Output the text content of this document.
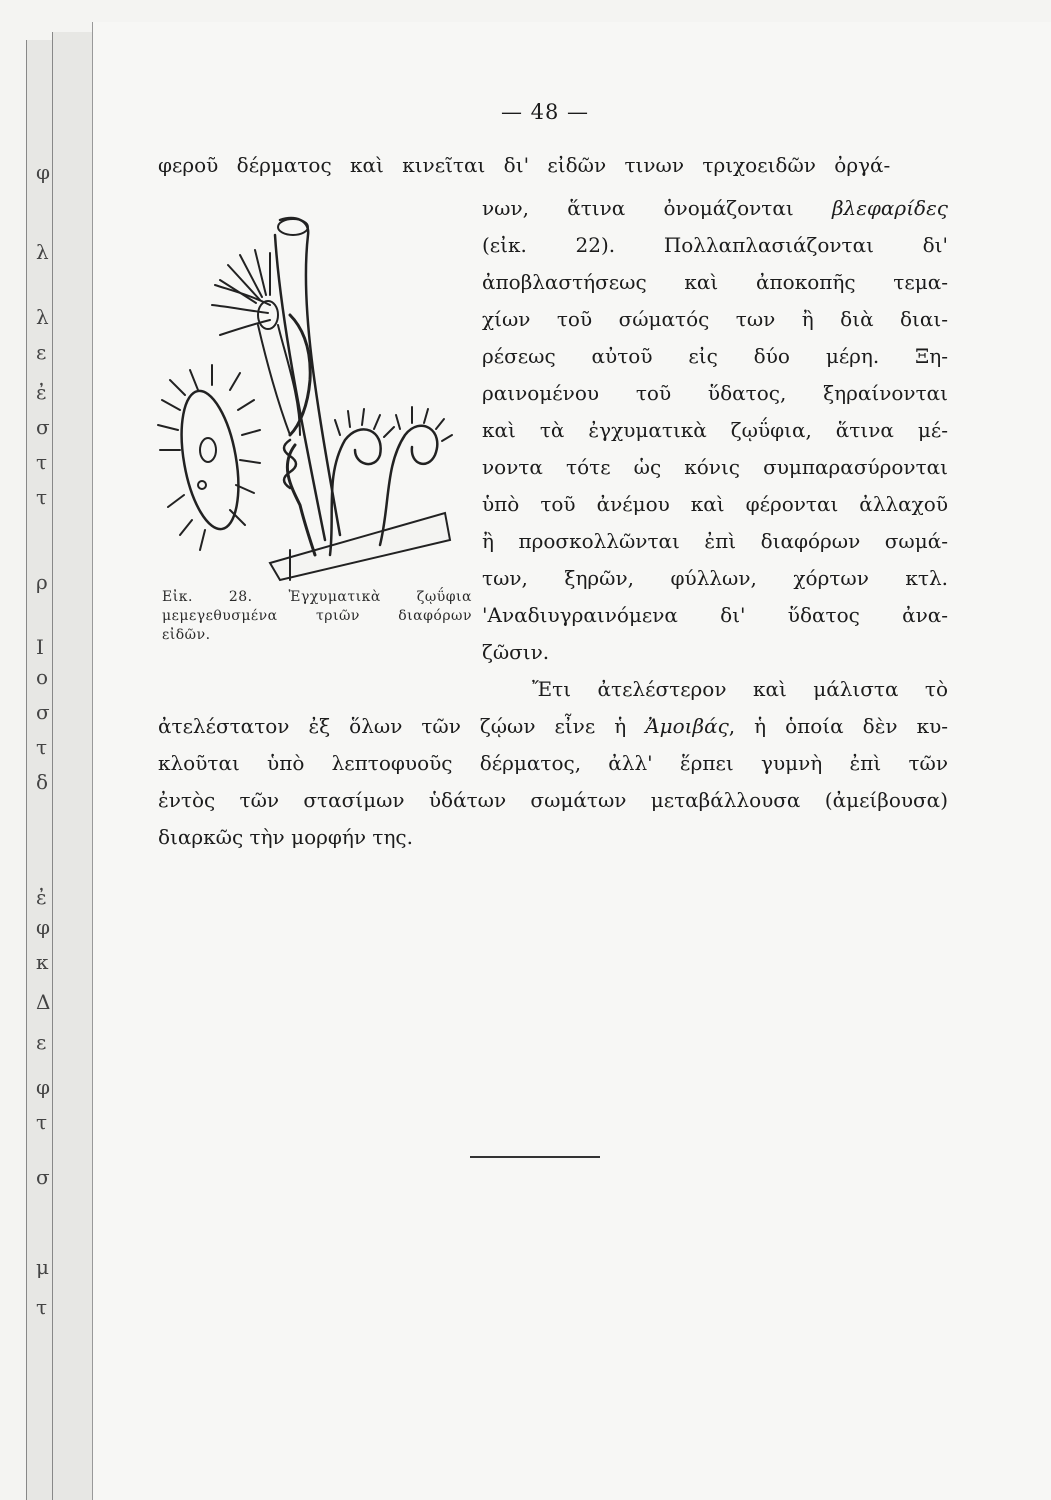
φ
λ
λ
ε
ἐ
σ
τ
τ
ρ
Ι
ο
σ
τ
δ
ἐ
φ
κ
Δ
ε
φ
τ
σ
μ
τ
— 48 —
φεροῦ δέρματος καὶ κινεῖται δι' εἰδῶν τινων τριχοειδῶν ὀργά-
νων, ἅτινα ὀνομάζονται βλεφαρίδες
(εἰκ. 22). Πολλαπλασιάζονται δι'
ἀποβλαστήσεως καὶ ἀποκοπῆς τεμα-
χίων τοῦ σώματός των ἢ διὰ διαι-
ρέσεως αὐτοῦ εἰς δύο μέρη. Ξη-
ραινομένου τοῦ ὕδατος, ξηραίνονται
καὶ τὰ ἐγχυματικὰ ζῳΰφια, ἅτινα μέ-
νοντα τότε ὡς κόνις συμπαρασύρονται
ὑπὸ τοῦ ἀνέμου καὶ φέρονται ἀλλαχοῦ
ἢ προσκολλῶνται ἐπὶ διαφόρων σωμά-
των, ξηρῶν, φύλλων, χόρτων κτλ.
'Αναδιυγραινόμενα δι' ὕδατος ἀνα-
ζῶσιν.
Ἔτι ἀτελέστερον καὶ μάλιστα τὸ
ἀτελέστατον ἐξ ὅλων τῶν ζῴων εἶνε ἡ Ἀμοιβάς, ἡ ὁποία δὲν κυ-
κλοῦται ὑπὸ λεπτοφυοῦς δέρματος, ἀλλ' ἕρπει γυμνὴ ἐπὶ τῶν
ἐντὸς τῶν στασίμων ὑδάτων σωμάτων μεταβάλλουσα (ἀμείβουσα)
διαρκῶς τὴν μορφήν της.
Εἰκ. 28. Ἐγχυματικὰ ζῳΰφια
μεμεγεθυσμένα τριῶν διαφόρων
εἰδῶν.
